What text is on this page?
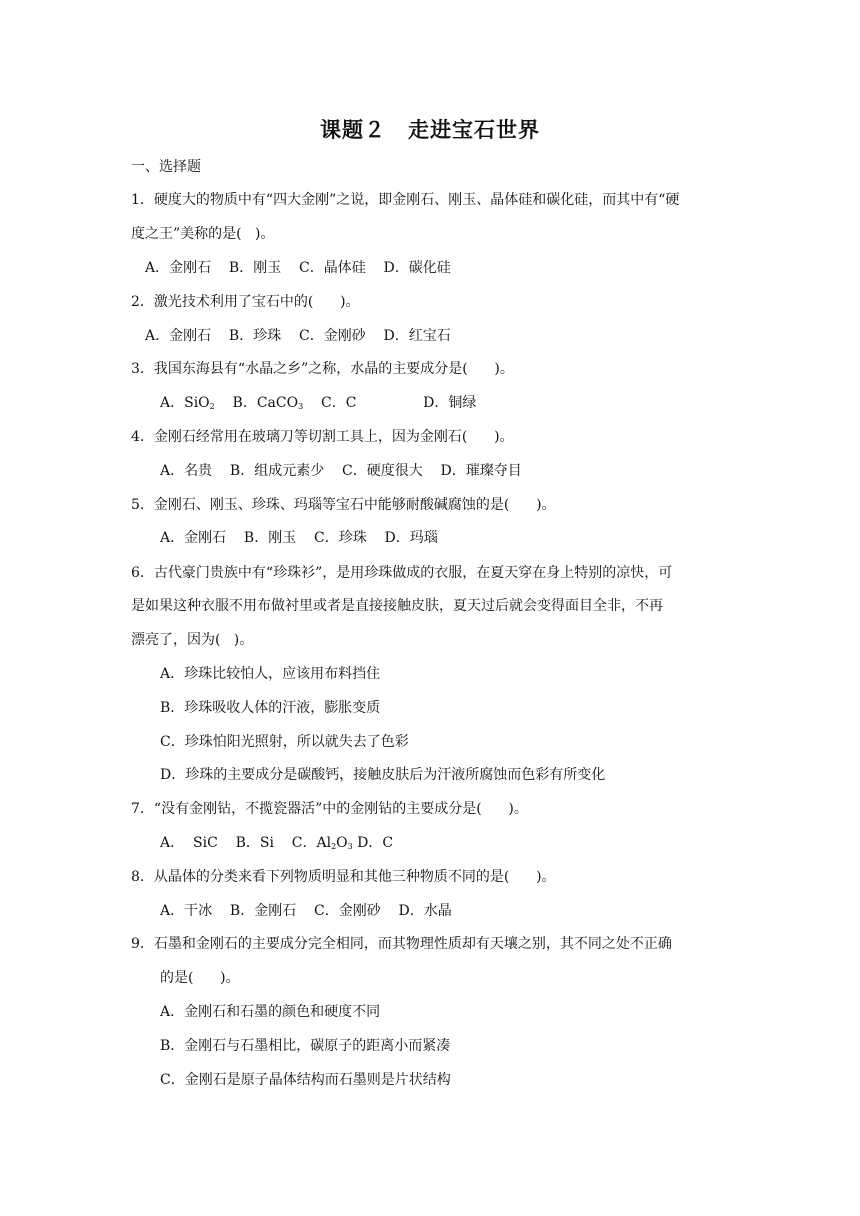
课题２　走进宝石世界
一、选择题
1．硬度大的物质中有“四大金刚”之说，即金刚石、刚玉、晶体硅和碳化硅，而其中有“硬
度之王”美称的是(   )。
A．金刚石    B．刚玉    C．晶体硅    D．碳化硅
2．激光技术利用了宝石中的(      )。
A．金刚石    B．珍珠    C．金刚砂    D．红宝石
3．我国东海县有“水晶之乡”之称，水晶的主要成分是(      )。
A．SiO$_2$    B．CaCO$_3$    C．C               D．铜绿
4．金刚石经常用在玻璃刀等切割工具上，因为金刚石(      )。
A．名贵    B．组成元素少    C．硬度很大    D．璀璨夺目
5．金刚石、刚玉、珍珠、玛瑙等宝石中能够耐酸碱腐蚀的是(      )。
A．金刚石    B．刚玉    C．珍珠    D．玛瑙
6．古代豪门贵族中有“珍珠衫”，是用珍珠做成的衣服，在夏天穿在身上特别的凉快，可
是如果这种衣服不用布做衬里或者是直接接触皮肤，夏天过后就会变得面目全非，不再
漂亮了，因为(   )。
A．珍珠比较怕人，应该用布料挡住
B．珍珠吸收人体的汗液，膨胀变质
C．珍珠怕阳光照射，所以就失去了色彩
D．珍珠的主要成分是碳酸钙，接触皮肤后为汗液所腐蚀而色彩有所变化
7．“没有金刚钻，不揽瓷器活”中的金刚钻的主要成分是(      )。
A．  SiC    B．Si    C．$Al_2O_3$ D．C
8．从晶体的分类来看下列物质明显和其他三种物质不同的是(      )。
A．干冰    B．金刚石    C．金刚砂    D．水晶
9．石墨和金刚石的主要成分完全相同，而其物理性质却有天壤之别，其不同之处不正确
的是(      )。
A．金刚石和石墨的颜色和硬度不同
B．金刚石与石墨相比，碳原子的距离小而紧凑
C．金刚石是原子晶体结构而石墨则是片状结构
